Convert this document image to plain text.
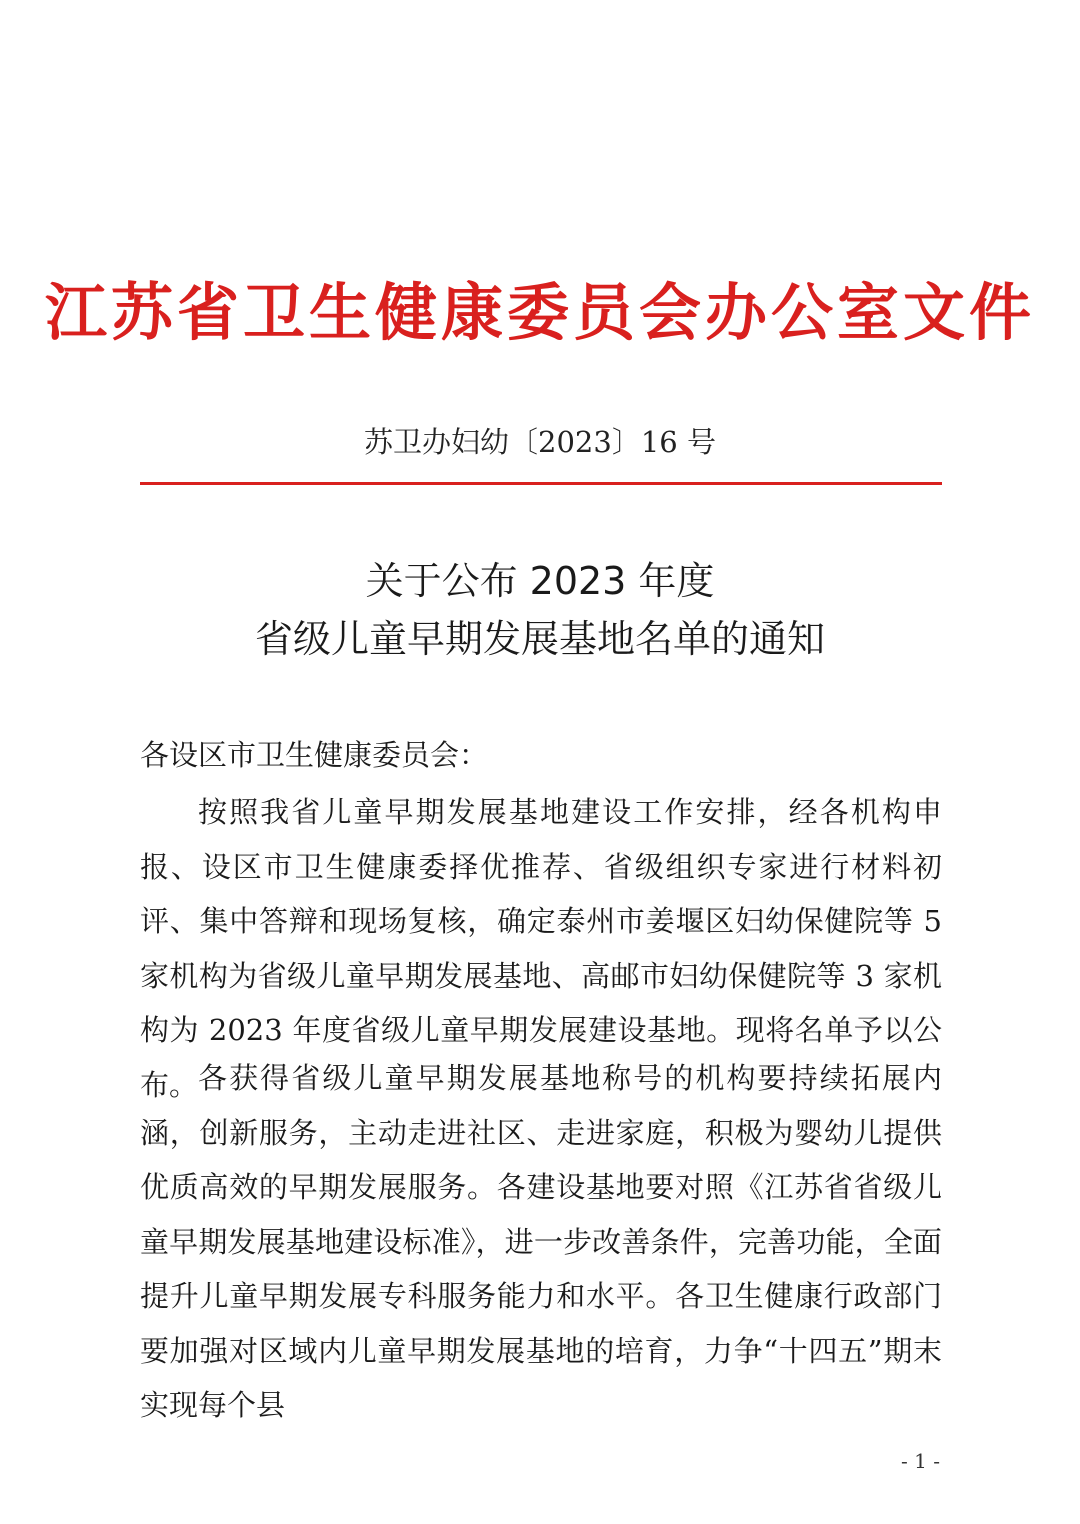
江苏省卫生健康委员会办公室文件
苏卫办妇幼〔2023〕16 号
关于公布 2023 年度
省级儿童早期发展基地名单的通知
各设区市卫生健康委员会：

按照我省儿童早期发展基地建设工作安排，经各机构申报、设区市卫生健康委择优推荐、省级组织专家进行材料初评、集中答辩和现场复核，确定泰州市姜堰区妇幼保健院等 5 家机构为省级儿童早期发展基地、高邮市妇幼保健院等 3 家机构为 2023 年度省级儿童早期发展建设基地。现将名单予以公布。 各获得省级儿童早期发展基地称号的机构要持续拓展内涵，创新服务，主动走进社区、走进家庭，积极为婴幼儿提供优质高效的早期发展服务。各建设基地要对照《江苏省省级儿童早期发展基地建设标准》，进一步改善条件，完善功能，全面提升儿童早期发展专科服务能力和水平。各卫生健康行政部门要加强对区域内儿童早期发展基地的培育，力争“十四五”期末实现每个县

- 1 -
